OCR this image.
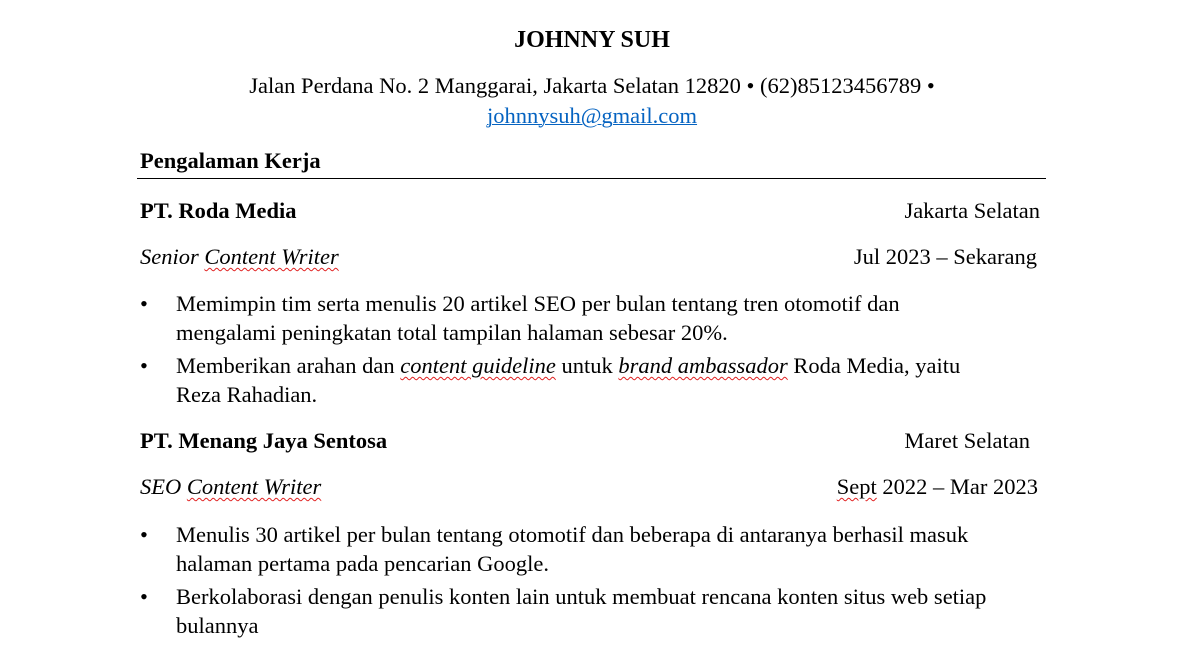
JOHNNY SUH
Jalan Perdana No. 2 Manggarai, Jakarta Selatan 12820 • (62)85123456789 •
johnnysuh@gmail.com
Pengalaman Kerja
PT. Roda Media	Jakarta Selatan
Senior Content Writer	Jul 2023 – Sekarang
• Memimpin tim serta menulis 20 artikel SEO per bulan tentang tren otomotif dan
mengalami peningkatan total tampilan halaman sebesar 20%.
• Memberikan arahan dan content guideline untuk brand ambassador Roda Media, yaitu
Reza Rahadian.
PT. Menang Jaya Sentosa	Maret Selatan
SEO Content Writer	Sept 2022 – Mar 2023
• Menulis 30 artikel per bulan tentang otomotif dan beberapa di antaranya berhasil masuk
halaman pertama pada pencarian Google.
• Berkolaborasi dengan penulis konten lain untuk membuat rencana konten situs web setiap
bulannya
